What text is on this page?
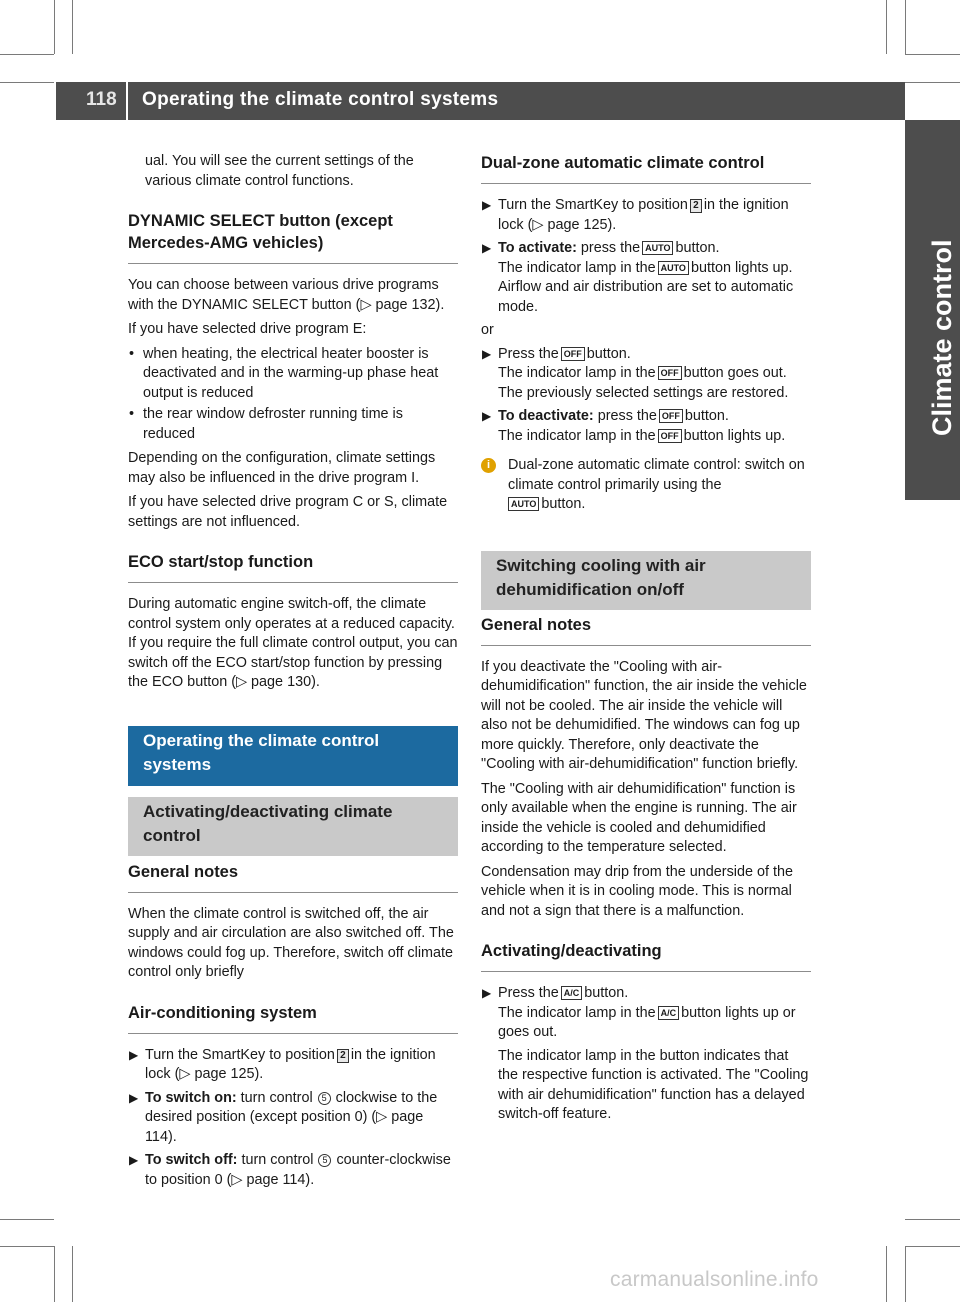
118 Operating the climate control systems
Climate control

ual. You will see the current settings of the various climate control functions.

DYNAMIC SELECT button (except Mercedes-AMG vehicles)

You can choose between various drive programs with the DYNAMIC SELECT button (▷ page 132).

If you have selected drive program E:

• when heating, the electrical heater booster is deactivated and in the warming-up phase heat output is reduced
• the rear window defroster running time is reduced

Depending on the configuration, climate settings may also be influenced in the drive program I.

If you have selected drive program C or S, climate settings are not influenced.

ECO start/stop function

During automatic engine switch-off, the climate control system only operates at a reduced capacity. If you require the full climate control output, you can switch off the ECO start/stop function by pressing the ECO button (▷ page 130).

Operating the climate control systems
Activating/deactivating climate control
General notes

When the climate control is switched off, the air supply and air circulation are also switched off. The windows could fog up. Therefore, switch off climate control only briefly

Air-conditioning system
▶ Turn the SmartKey to position 2 in the ignition lock (▷ page 125).
▶ To switch on: turn control 5 clockwise to the desired position (except position 0) (▷ page 114).
▶ To switch off: turn control 5 counter-clockwise to position 0 (▷ page 114).
Dual-zone automatic climate control
▶ Turn the SmartKey to position 2 in the ignition lock (▷ page 125).
▶ To activate: press the AUTO button.
The indicator lamp in the AUTO button lights up. Airflow and air distribution are set to automatic mode.

or

▶ Press the OFF button.
The indicator lamp in the OFF button goes out. The previously selected settings are restored.
▶ To deactivate: press the OFF button.
The indicator lamp in the OFF button lights up.
i	Dual-zone automatic climate control: switch on climate control primarily using the
AUTO button.
Switching cooling with air dehumidification on/off
General notes

If you deactivate the "Cooling with air-dehumidification" function, the air inside the vehicle will not be cooled. The air inside the vehicle will also not be dehumidified. The windows can fog up more quickly. Therefore, only deactivate the "Cooling with air-dehumidification" function briefly.

The "Cooling with air dehumidification" function is only available when the engine is running. The air inside the vehicle is cooled and dehumidified according to the temperature selected.

Condensation may drip from the underside of the vehicle when it is in cooling mode. This is normal and not a sign that there is a malfunction.

Activating/deactivating
▶ Press the A/C button.
The indicator lamp in the A/C button lights up or goes out.

The indicator lamp in the button indicates that the respective function is activated. The "Cooling with air dehumidification" function has a delayed switch-off feature.

carmanualsonline.info
